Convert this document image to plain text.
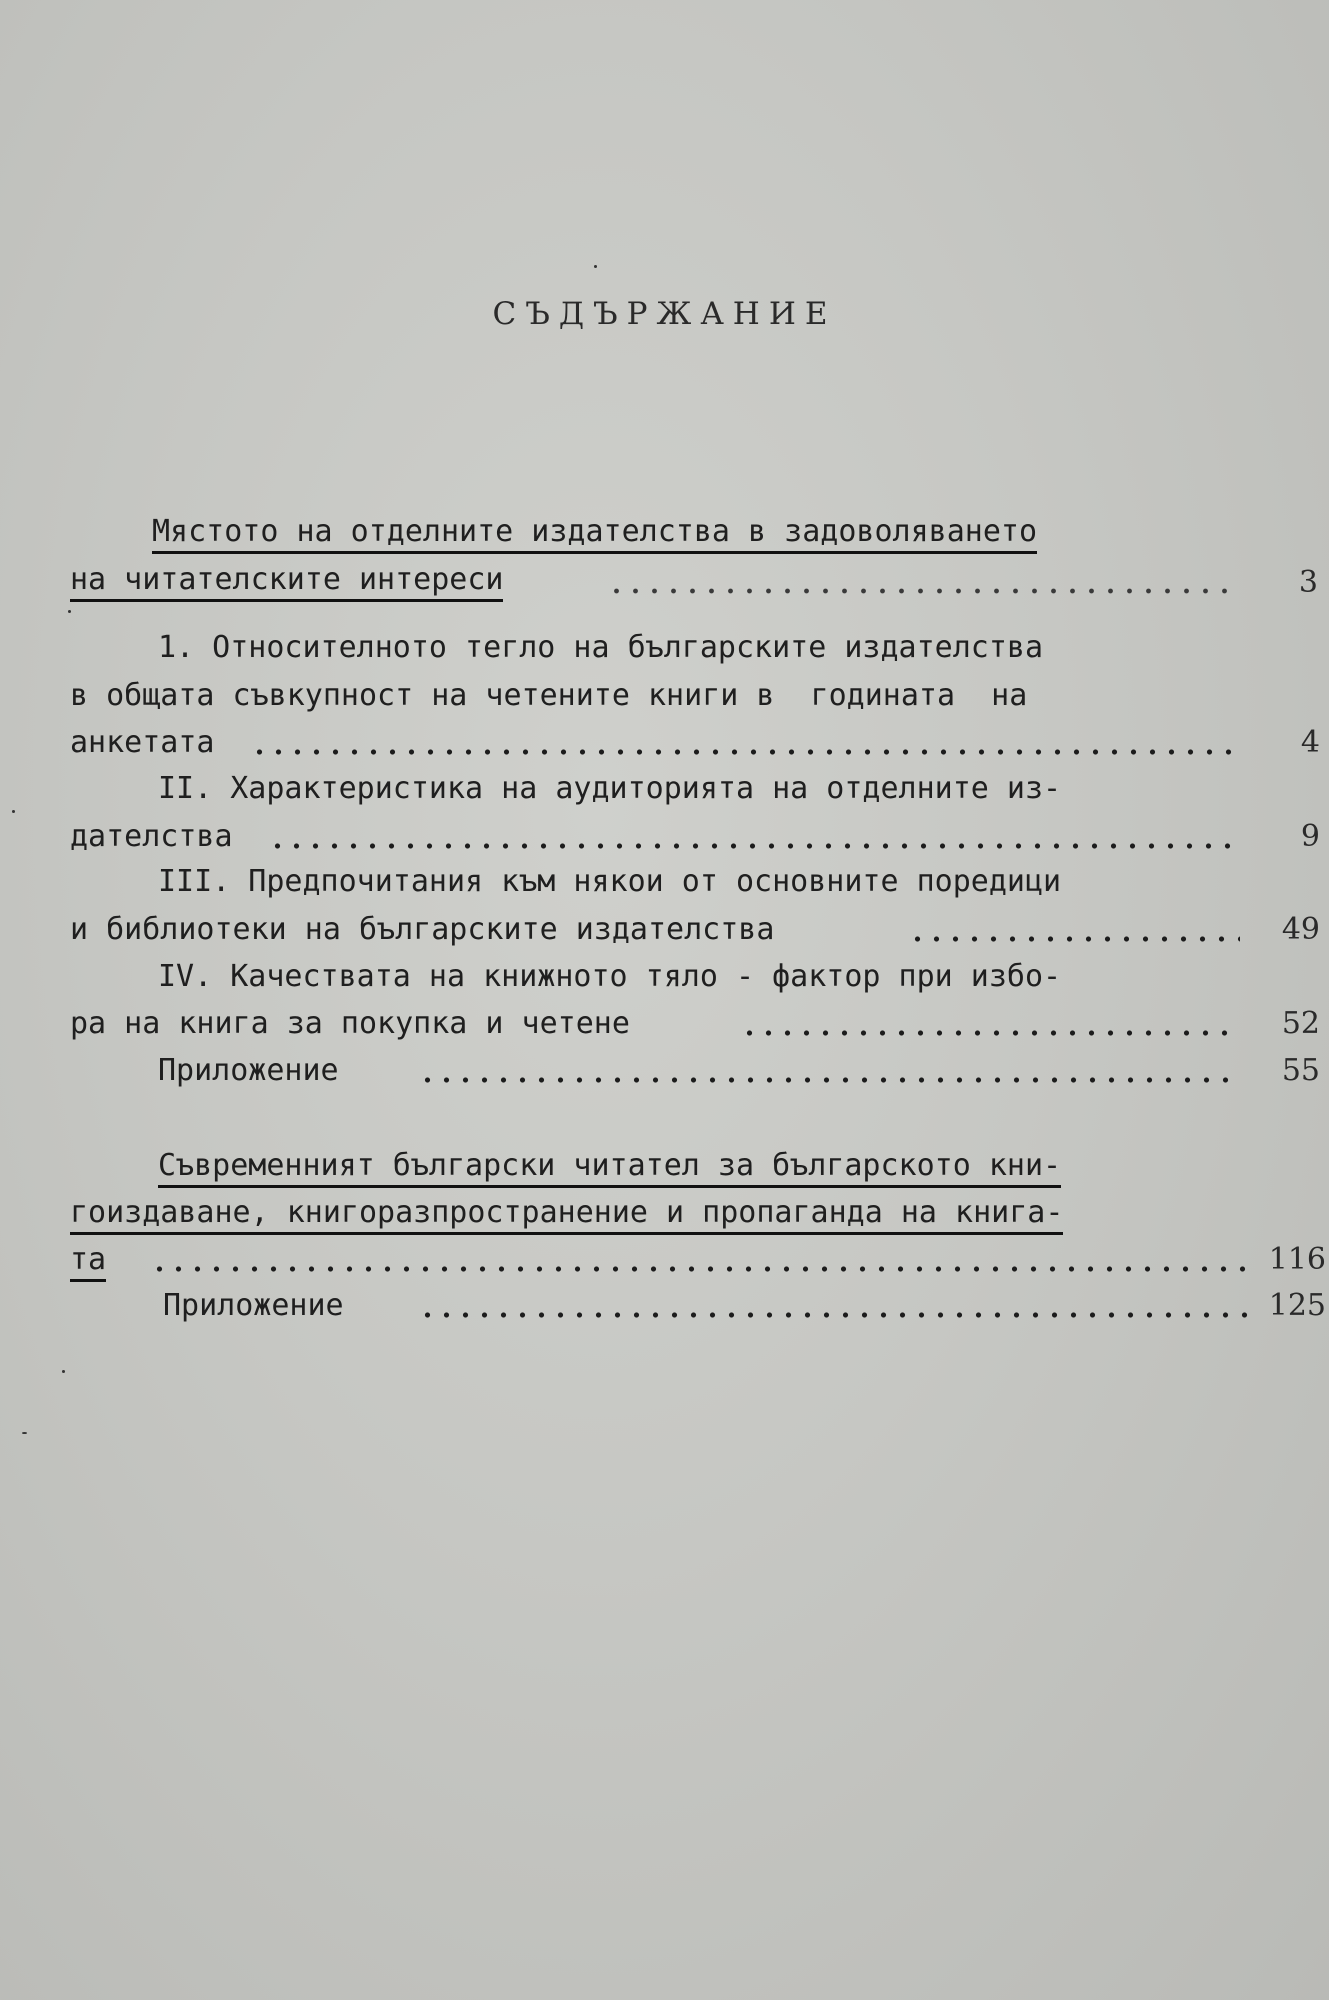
СЪДЪРЖАНИЕ
Мястото на отделните издателства в задоволяването
на читателските интереси	3
1. Относителното тегло на българските издателства
в общата съвкупност на четените книги в  годината  на
анкетата	4
II. Характеристика на аудиторията на отделните из-
дателства	9
III. Предпочитания към някои от основните поредици
и библиотеки на българските издателства	49
IV. Качествата на книжното тяло - фактор при избо-
ра на книга за покупка и четене	52
Приложение	55
Съвременният български читател за българското кни-
гоиздаване, книгоразпространение и пропаганда на книга-
та	116
Приложение	125
